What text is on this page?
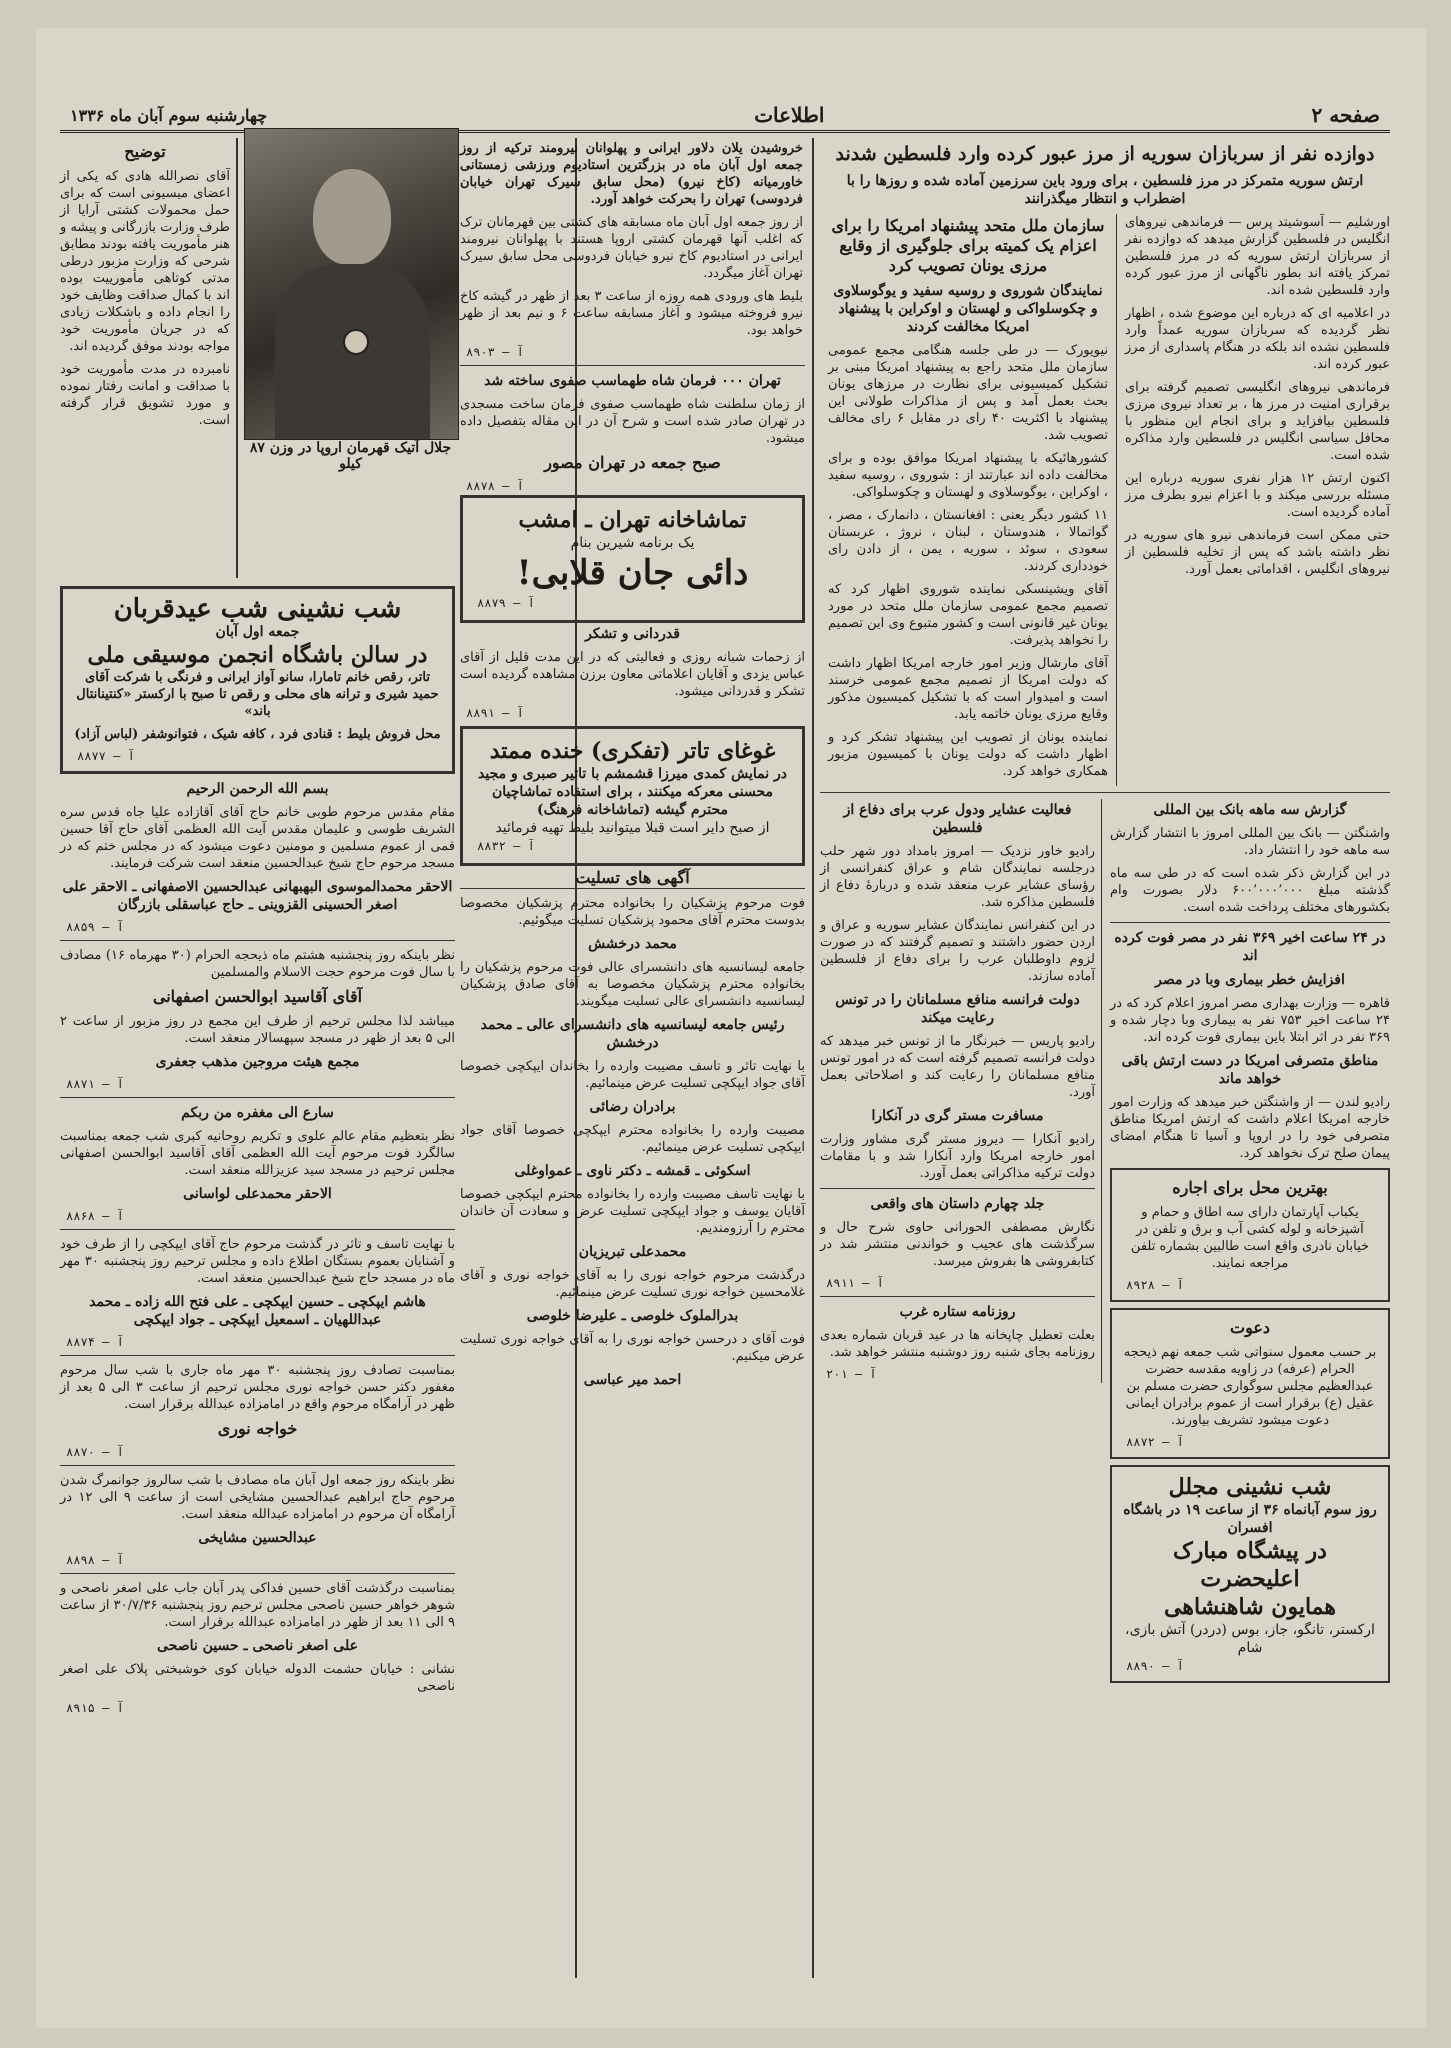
صفحه ۲
اطلاعات
چهارشنبه سوم آبان ماه ۱۳۳۶
دوازده نفر از سربازان سوریه از مرز عبور کرده وارد فلسطین شدند
ارتش سوریه متمرکز در مرز فلسطین ، برای ورود باین سرزمین آماده شده و روزها را با اضطراب و انتظار میگذرانند

اورشلیم — آسوشیتد پرس — فرماندهی نیروهای انگلیس در فلسطین گزارش میدهد که دوازده نفر از سربازان ارتش سوریه که در مرز فلسطین تمرکز یافته اند بطور ناگهانی از مرز عبور کرده وارد فلسطین شده اند.

در اعلامیه ای که درباره این موضوع شده ، اظهار نظر گردیده که سربازان سوریه عمداً وارد فلسطین نشده اند بلکه در هنگام پاسداری از مرز عبور کرده اند.

فرماندهی نیروهای انگلیسی تصمیم گرفته برای برقراری امنیت در مرز ها ، بر تعداد نیروی مرزی فلسطین بیافزاید و برای انجام این منظور با محافل سیاسی انگلیس در فلسطین وارد مذاکره شده است.

اکنون ارتش ۱۲ هزار نفری سوریه درباره این مسئله بررسی میکند و با اعزام نیرو بطرف مرز آماده گردیده است.

حتی ممکن است فرماندهی نیرو های سوریه در نظر داشته باشد که پس از تخلیه فلسطین از نیروهای انگلیس ، اقداماتی بعمل آورد.

سازمان ملل متحد پیشنهاد امریکا را برای اعزام یک کمیته برای جلوگیری از وقایع مرزی یونان تصویب کرد
نمایندگان شوروی و روسیه سفید و یوگوسلاوی و چکوسلواکی و لهستان و اوکراین با پیشنهاد امریکا مخالفت کردند

نیویورک — در طی جلسه هنگامی مجمع عمومی سازمان ملل متحد راجع به پیشنهاد امریکا مبنی بر تشکیل کمیسیونی برای نظارت در مرزهای یونان بحث بعمل آمد و پس از مذاکرات طولانی این پیشنهاد با اکثریت ۴۰ رای در مقابل ۶ رای مخالف تصویب شد.

کشورهائیکه با پیشنهاد امریکا موافق بوده و برای مخالفت داده اند عبارتند از : شوروی ، روسیه سفید ، اوکراین ، یوگوسلاوی و لهستان و چکوسلواکی.

۱۱ کشور دیگر یعنی : افغانستان ، دانمارک ، مصر ، گواتمالا ، هندوستان ، لبنان ، نروژ ، عربستان سعودی ، سوئد ، سوریه ، یمن ، از دادن رای خودداری کردند.

آقای ویشینسکی نماینده شوروی اظهار کرد که تصمیم مجمع عمومی سازمان ملل متحد در مورد یونان غیر قانونی است و کشور متبوع وی این تصمیم را نخواهد پذیرفت.

آقای مارشال وزیر امور خارجه امریکا اظهار داشت که دولت امریکا از تصمیم مجمع عمومی خرسند است و امیدوار است که با تشکیل کمیسیون مذکور وقایع مرزی یونان خاتمه یابد.

نماینده یونان از تصویب این پیشنهاد تشکر کرد و اظهار داشت که دولت یونان با کمیسیون مزبور همکاری خواهد کرد.

فعالیت عشایر ودول عرب برای دفاع از فلسطین

رادیو خاور نزدیک — امروز بامداد دور شهر حلب درجلسه نمایندگان شام و عراق کنفرانسی از رؤسای عشایر عرب منعقد شده و دربارۀ دفاع از فلسطین مذاکره شد.

در این کنفرانس نمایندگان عشایر سوریه و عراق و اردن حضور داشتند و تصمیم گرفتند که در صورت لزوم داوطلبان عرب را برای دفاع از فلسطین آماده سازند.

دولت فرانسه منافع مسلمانان را در تونس رعایت میکند

رادیو پاریس — خبرنگار ما از تونس خبر میدهد که دولت فرانسه تصمیم گرفته است که در امور تونس منافع مسلمانان را رعایت کند و اصلاحاتی بعمل آورد.

مسافرت مستر گری در آنکارا

رادیو آنکارا — دیروز مستر گری مشاور وزارت امور خارجه امریکا وارد آنکارا شد و با مقامات دولت ترکیه مذاکراتی بعمل آورد.

جلد چهارم داستان های واقعی

نگارش مصطفی الحورانی حاوی شرح حال و سرگذشت های عجیب و خواندنی منتشر شد در کتابفروشی ها بفروش میرسد.

۸۹۱۱ — آ
روزنامه ستاره غرب

بعلت تعطیل چاپخانه ها در عید قربان شماره بعدی روزنامه بجای شنبه روز دوشنبه منتشر خواهد شد.

۲۰۱ — آ
گزارش سه ماهه بانک بین المللی

واشنگتن — بانک بین المللی امروز با انتشار گزارش سه ماهه خود را انتشار داد.

در این گزارش ذکر شده است که در طی سه ماه گذشته مبلغ ۶۰۰٬۰۰۰٬۰۰۰ دلار بصورت وام بکشورهای مختلف پرداخت شده است.

در ۲۴ ساعت اخیر ۳۶۹ نفر در مصر فوت کرده اند
افزایش خطر بیماری وبا در مصر

قاهره — وزارت بهداری مصر امروز اعلام کرد که در ۲۴ ساعت اخیر ۷۵۳ نفر به بیماری وبا دچار شده و ۳۶۹ نفر در اثر ابتلا باین بیماری فوت کرده اند.

مناطق متصرفی امریکا در دست ارتش باقی خواهد ماند

رادیو لندن — از واشنگتن خبر میدهد که وزارت امور خارجه امریکا اعلام داشت که ارتش امریکا مناطق متصرفی خود را در اروپا و آسیا تا هنگام امضای پیمان صلح ترک نخواهد کرد.

بهترین محل برای اجاره

یکباب آپارتمان دارای سه اطاق و حمام و آشپزخانه و لوله کشی آب و برق و تلفن در خیابان نادری واقع است طالبین بشماره تلفن مراجعه نمایند.

۸۹۲۸ — آ
دعوت

بر حسب معمول سنواتی شب جمعه نهم ذیحجه الحرام (عرفه) در زاویه مقدسه حضرت عبدالعظیم مجلس سوگواری حضرت مسلم بن عقیل (ع) برقرار است از عموم برادران ایمانی دعوت میشود تشریف بیاورند.

۸۸۷۲ — آ
شب نشینی مجلل
روز سوم آبانماه ۳۶ از ساعت ۱۹ در باشگاه افسران
در پیشگاه مبارک اعلیحضرت
همایون شاهنشاهی
ارکستر، تانگو، جاز، بوس (دردر) آتش بازی، شام
۸۸۹۰ — آ

خروشیدن یلان دلاور ایرانی و پهلوانان نیرومند ترکیه از روز جمعه اول آبان ماه در بزرگترین استادیوم ورزشی زمستانی خاورمیانه (کاخ نیرو) (محل سابق سیرک تهران خیابان فردوسی) تهران را بحرکت خواهد آورد.

از روز جمعه اول آبان ماه مسابقه های کشتی بین قهرمانان ترک که اغلب آنها قهرمان کشتی اروپا هستند با پهلوانان نیرومند ایرانی در استادیوم کاخ نیرو خیابان فردوسی محل سابق سیرک تهران آغاز میگردد.

بلیط های ورودی همه روزه از ساعت ۳ بعد از ظهر در گیشه کاخ نیرو فروخته میشود و آغاز مسابقه ساعت ۶ و نیم بعد از ظهر خواهد بود.

آ — ۸۹۰۳
تهران ۰۰۰ فرمان شاه طهماسب صفوی ساخته شد

از زمان سلطنت شاه طهماسب صفوی فرمان ساخت مسجدی در تهران صادر شده است و شرح آن در این مقاله بتفصیل داده میشود.

صبح جمعه در تهران مصور
آ — ۸۸۷۸
تماشاخانه تهران ـ امشب
یک برنامه شیرین بنام
دائی جان قلابی!
آ — ۸۸۷۹
قدردانی و تشکر

از زحمات شبانه روزی و فعالیتی که در این مدت قلیل از آقای عباس یزدی و آقایان اعلاماتی معاون برزن مشاهده گردیده است تشکر و قدردانی میشود.

آ — ۸۸۹۱
غوغای تاتر (تفکری) خنده ممتد
در نمایش کمدی میرزا قشمشم با تاثیر صبری و مجید محسنی معرکه میکنند ، برای استفاده تماشاچیان محترم گیشه (تماشاخانه فرهنگ)
از صبح دایر است قبلا میتوانید بلیط تهیه فرمائید
آ — ۸۸۳۲
آگهی های تسلیت

فوت مرحوم پزشکیان را بخانواده محترم پزشکیان مخصوصا بدوست محترم آقای محمود پزشکیان تسلیت میگوئیم.

محمد درخشش

جامعه لیسانسیه های دانشسرای عالی فوت مرحوم پزشکیان را بخانواده محترم پزشکیان مخصوصا به آقای صادق پزشکیان لیسانسیه دانشسرای عالی تسلیت میگویند.

رئیس جامعه لیسانسیه های دانشسرای عالی ـ محمد درخشش

با نهایت تاثر و تاسف مصیبت وارده را بخاندان ایپکچی خصوصا آقای جواد ایپکچی تسلیت عرض مینمائیم.

برادران رضائی

مصیبت وارده را بخانواده محترم ایپکچی خصوصا آقای جواد ایپکچی تسلیت عرض مینمائیم.

اسکوئی ـ قمشه ـ دکتر ناوی ـ عمواوغلی

با نهایت تاسف مصیبت وارده را بخانواده محترم ایپکچی خصوصا آقایان یوسف و جواد ایپکچی تسلیت عرض و سعادت آن خاندان محترم را آرزومندیم.

محمدعلی تبریزیان

درگذشت مرحوم خواجه نوری را به آقای خواجه نوری و آقای غلامحسین خواجه نوری تسلیت عرض مینمائیم.

بدرالملوک خلوصی ـ علیرضا خلوصی

فوت آقای د درحسن خواجه نوری را به آقای خواجه نوری تسلیت عرض میکنیم.

احمد میر عباسی
جلال آتیک قهرمان اروپا در وزن ۸۷ کیلو
توضیح

آقای نصرالله هادی که یکی از اعضای میسیونی است که برای حمل محمولات کشتی آرایا از طرف وزارت بازرگانی و پیشه و هنر مأموریت یافته بودند مطابق شرحی که وزارت مزبور درطی مدتی کوتاهی مأمورییت بوده اند با کمال صداقت وظایف خود را انجام داده و باشکلات زیادی که در جریان مأموریت خود مواجه بودند موفق گردیده اند.

نامبرده در مدت مأموریت خود با صداقت و امانت رفتار نموده و مورد تشویق قرار گرفته است.

شب نشینی شب عیدقربان
جمعه اول آبان
در سالن باشگاه انجمن موسیقی ملی

تاتر، رقص خانم تامارا، سانو آواز ایرانی و فرنگی با شرکت آقای حمید شیری و ترانه های محلی و رقص تا صبح با ارکستر «کنتینانتال باند»

محل فروش بلیط : قنادی فرد ، کافه شیک ، فتوانوشفر (لباس آزاد)

۸۸۷۷ — آ
بسم الله الرحمن الرحیم

مقام مقدس مرحوم طوبی خانم حاج آقای آقازاده علیا جاه قدس سره الشریف طوسی و علیمان مقدس آیت الله العظمی آقای حاج آقا حسین قمی از عموم مسلمین و مومنین دعوت میشود که در مجلس ختم که در مسجد مرحوم حاج شیخ عبدالحسین منعقد است شرکت فرمایند.

الاحقر محمدالموسوی البهبهانی عبدالحسین الاصفهانی ـ الاحقر علی اصغر الحسینی القزوینی ـ حاج عباسقلی بازرگان
۸۸۵۹ — آ

نظر باینکه روز پنجشنبه هشتم ماه ذیحجه الحرام (۳۰ مهرماه ۱۶) مصادف با سال فوت مرحوم حجت الاسلام والمسلمین

آقای آقاسید ابوالحسن اصفهانی

میباشد لذا مجلس ترحیم از طرف این مجمع در روز مزبور از ساعت ۲ الی ۵ بعد از ظهر در مسجد سپهسالار منعقد است.

مجمع هیئت مروجین مذهب جعفری
۸۸۷۱ — آ
سارع الی مغفره من ربکم

نظر بتعظیم مقام عالم علوی و تکریم روحانیه کبری شب جمعه بمناسبت سالگرد فوت مرحوم آیت الله العظمی آقای آقاسید ابوالحسن اصفهانی مجلس ترحیم در مسجد سید عزیزالله منعقد است.

الاحقر محمدعلی لواسانی
۸۸۶۸ — آ

با نهایت تاسف و تاثر در گذشت مرحوم حاج آقای ایپکچی را از طرف خود و آشنایان بعموم بستگان اطلاع داده و مجلس ترحیم روز پنجشنبه ۳۰ مهر ماه در مسجد حاج شیخ عبدالحسین منعقد است.

هاشم ایپکچی ـ حسین ایپکچی ـ علی فتح الله زاده ـ محمد عبداللهیان ـ اسمعیل ایپکچی ـ جواد ایپکچی
۸۸۷۴ — آ

بمناسبت تصادف روز پنجشنبه ۳۰ مهر ماه جاری با شب سال مرحوم مغفور دکتر حسن خواجه نوری مجلس ترحیم از ساعت ۳ الی ۵ بعد از ظهر در آرامگاه مرحوم واقع در امامزاده عبدالله برقرار است.

خواجه نوری
۸۸۷۰ — آ

نظر باینکه روز جمعه اول آبان ماه مصادف با شب سالروز جوانمرگ شدن مرحوم حاج ابراهیم عبدالحسین مشایخی است از ساعت ۹ الی ۱۲ در آرامگاه آن مرحوم در امامزاده عبدالله منعقد است.

عبدالحسین مشایخی
۸۸۹۸ — آ

بمناسبت درگذشت آقای حسین فداکی پدر آبان جاب علی اصغر ناصحی و شوهر خواهر حسین ناصحی مجلس ترحیم روز پنجشنبه ۳۰/۷/۳۶ از ساعت ۹ الی ۱۱ بعد از ظهر در امامزاده عبدالله برقرار است.

علی اصغر ناصحی ـ حسین ناصحی

نشانی : خیابان حشمت الدوله خیابان کوی خوشبختی پلاک علی اصغر ناصحی

۸۹۱۵ — آ
